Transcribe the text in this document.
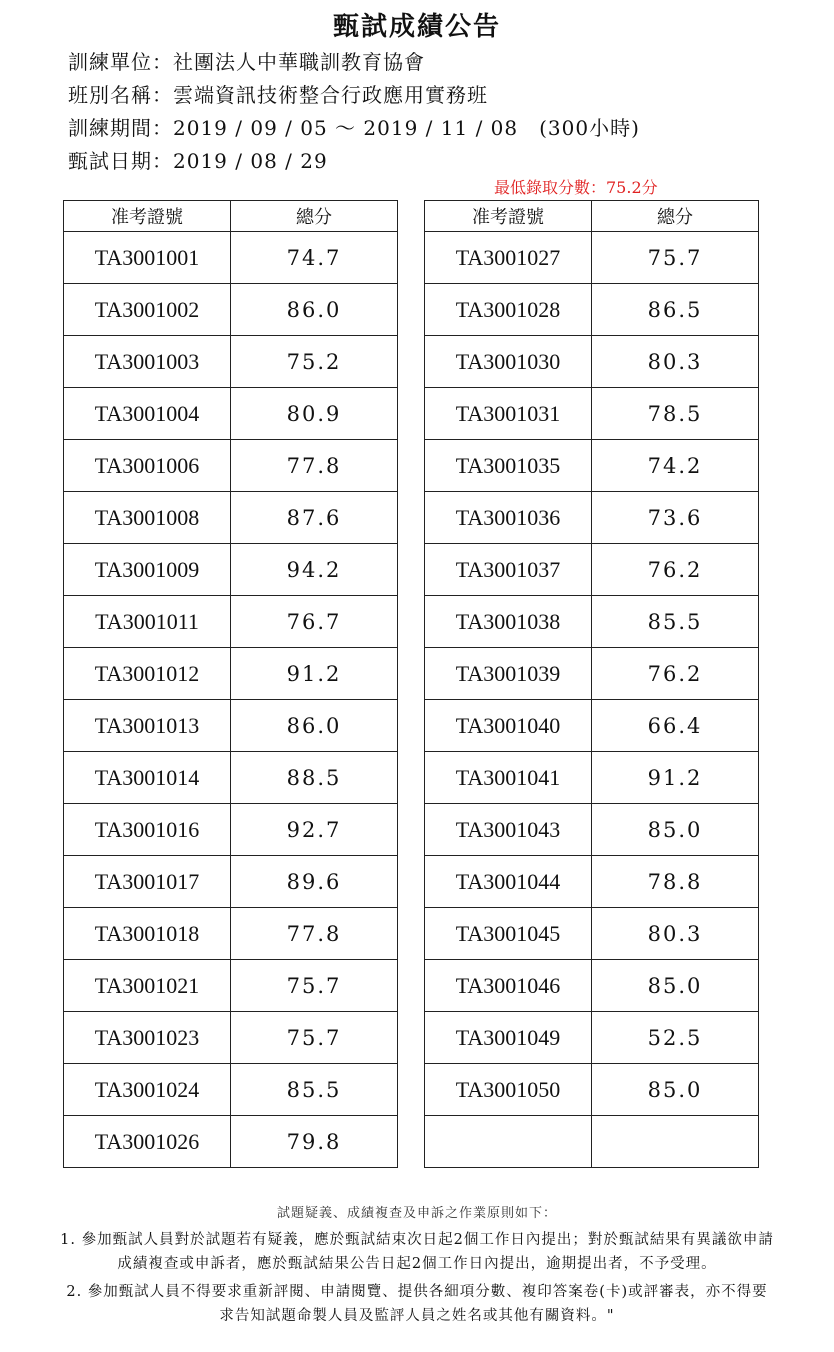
甄試成績公告
訓練單位：社團法人中華職訓教育協會
班別名稱：雲端資訊技術整合行政應用實務班
訓練期間：2019 / 09 / 05 ～ 2019 / 11 / 08　(300小時)
甄試日期：2019 / 08 / 29
最低錄取分數：75.2分
准考證號	總分
TA3001001	74.7
TA3001002	86.0
TA3001003	75.2
TA3001004	80.9
TA3001006	77.8
TA3001008	87.6
TA3001009	94.2
TA3001011	76.7
TA3001012	91.2
TA3001013	86.0
TA3001014	88.5
TA3001016	92.7
TA3001017	89.6
TA3001018	77.8
TA3001021	75.7
TA3001023	75.7
TA3001024	85.5
TA3001026	79.8
准考證號	總分
TA3001027	75.7
TA3001028	86.5
TA3001030	80.3
TA3001031	78.5
TA3001035	74.2
TA3001036	73.6
TA3001037	76.2
TA3001038	85.5
TA3001039	76.2
TA3001040	66.4
TA3001041	91.2
TA3001043	85.0
TA3001044	78.8
TA3001045	80.3
TA3001046	85.0
TA3001049	52.5
TA3001050	85.0

試題疑義、成績複查及申訴之作業原則如下：
1. 參加甄試人員對於試題若有疑義，應於甄試結束次日起2個工作日內提出；對於甄試結果有異議欲申請成績複查或申訴者，應於甄試結果公告日起2個工作日內提出，逾期提出者，不予受理。
2. 參加甄試人員不得要求重新評閱、申請閱覽、提供各細項分數、複印答案卷(卡)或評審表，亦不得要求告知試題命製人員及監評人員之姓名或其他有關資料。"
